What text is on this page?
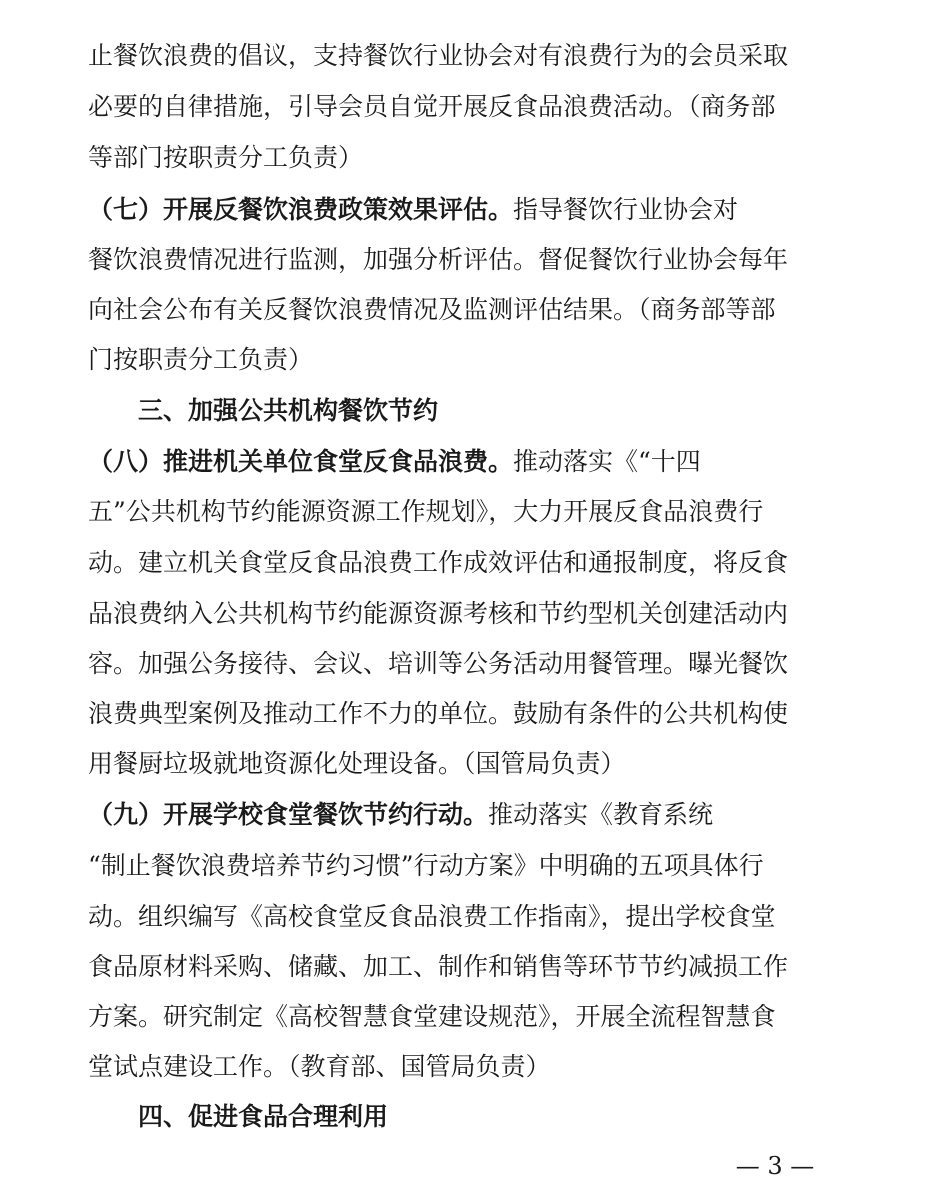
止餐饮浪费的倡议，支持餐饮行业协会对有浪费行为的会员采取
必要的自律措施，引导会员自觉开展反食品浪费活动。（商务部
等部门按职责分工负责）
（七）开展反餐饮浪费政策效果评估。指导餐饮行业协会对
餐饮浪费情况进行监测，加强分析评估。督促餐饮行业协会每年
向社会公布有关反餐饮浪费情况及监测评估结果。（商务部等部
门按职责分工负责）
三、加强公共机构餐饮节约
（八）推进机关单位食堂反食品浪费。推动落实《“十四
五”公共机构节约能源资源工作规划》，大力开展反食品浪费行
动。建立机关食堂反食品浪费工作成效评估和通报制度，将反食
品浪费纳入公共机构节约能源资源考核和节约型机关创建活动内
容。加强公务接待、会议、培训等公务活动用餐管理。曝光餐饮
浪费典型案例及推动工作不力的单位。鼓励有条件的公共机构使
用餐厨垃圾就地资源化处理设备。（国管局负责）
（九）开展学校食堂餐饮节约行动。推动落实《教育系统
“制止餐饮浪费培养节约习惯”行动方案》中明确的五项具体行
动。组织编写《高校食堂反食品浪费工作指南》，提出学校食堂
食品原材料采购、储藏、加工、制作和销售等环节节约减损工作
方案。研究制定《高校智慧食堂建设规范》，开展全流程智慧食
堂试点建设工作。（教育部、国管局负责）
四、促进食品合理利用
— 3 —
